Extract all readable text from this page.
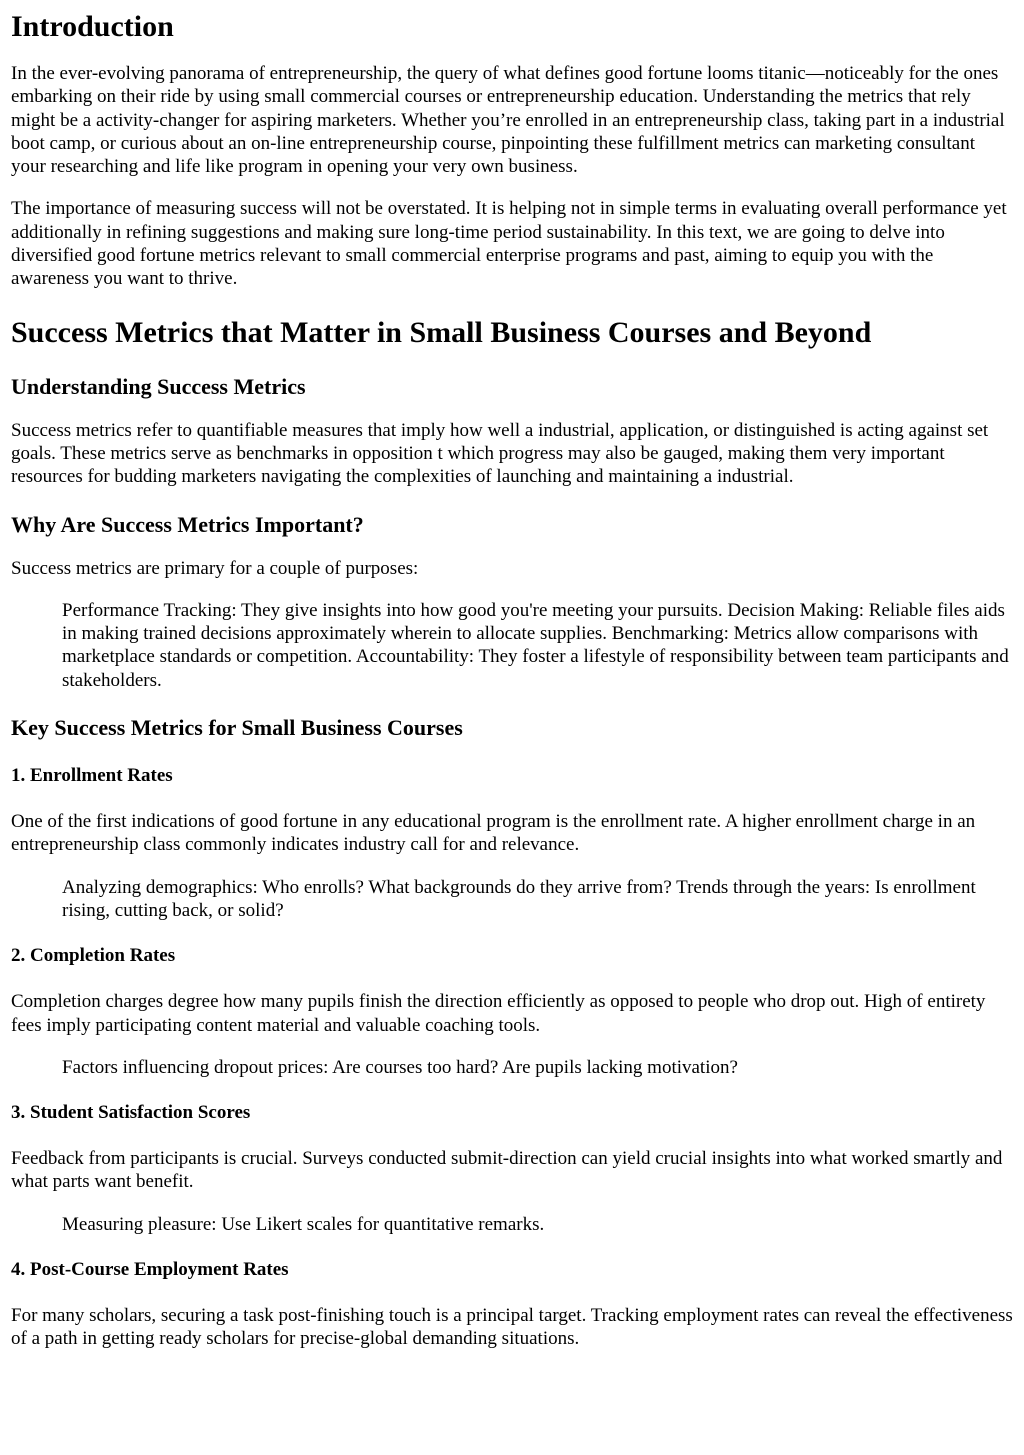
Introduction

In the ever-evolving panorama of entrepreneurship, the query of what defines good fortune looms titanic—noticeably for the ones embarking on their ride by using small commercial courses or entrepreneurship education. Understanding the metrics that rely might be a activity-changer for aspiring marketers. Whether you’re enrolled in an entrepreneurship class, taking part in a industrial boot camp, or curious about an on-line entrepreneurship course, pinpointing these fulfillment metrics can marketing consultant your researching and life like program in opening your very own business.

The importance of measuring success will not be overstated. It is helping not in simple terms in evaluating overall performance yet additionally in refining suggestions and making sure long-time period sustainability. In this text, we are going to delve into diversified good fortune metrics relevant to small commercial enterprise programs and past, aiming to equip you with the awareness you want to thrive.

Success Metrics that Matter in Small Business Courses and Beyond
Understanding Success Metrics

Success metrics refer to quantifiable measures that imply how well a industrial, application, or distinguished is acting against set goals. These metrics serve as benchmarks in opposition t which progress may also be gauged, making them very important resources for budding marketers navigating the complexities of launching and maintaining a industrial.

Why Are Success Metrics Important?

Success metrics are primary for a couple of purposes:

Performance Tracking: They give insights into how good you're meeting your pursuits. Decision Making: Reliable files aids in making trained decisions approximately wherein to allocate supplies. Benchmarking: Metrics allow comparisons with marketplace standards or competition. Accountability: They foster a lifestyle of responsibility between team participants and stakeholders.
Key Success Metrics for Small Business Courses
1. Enrollment Rates

One of the first indications of good fortune in any educational program is the enrollment rate. A higher enrollment charge in an entrepreneurship class commonly indicates industry call for and relevance.

Analyzing demographics: Who enrolls? What backgrounds do they arrive from? Trends through the years: Is enrollment rising, cutting back, or solid?
2. Completion Rates

Completion charges degree how many pupils finish the direction efficiently as opposed to people who drop out. High of entirety fees imply participating content material and valuable coaching tools.

Factors influencing dropout prices: Are courses too hard? Are pupils lacking motivation?
3. Student Satisfaction Scores

Feedback from participants is crucial. Surveys conducted submit-direction can yield crucial insights into what worked smartly and what parts want benefit.

Measuring pleasure: Use Likert scales for quantitative remarks.
4. Post-Course Employment Rates

For many scholars, securing a task post-finishing touch is a principal target. Tracking employment rates can reveal the effectiveness of a path in getting ready scholars for precise-global demanding situations.
